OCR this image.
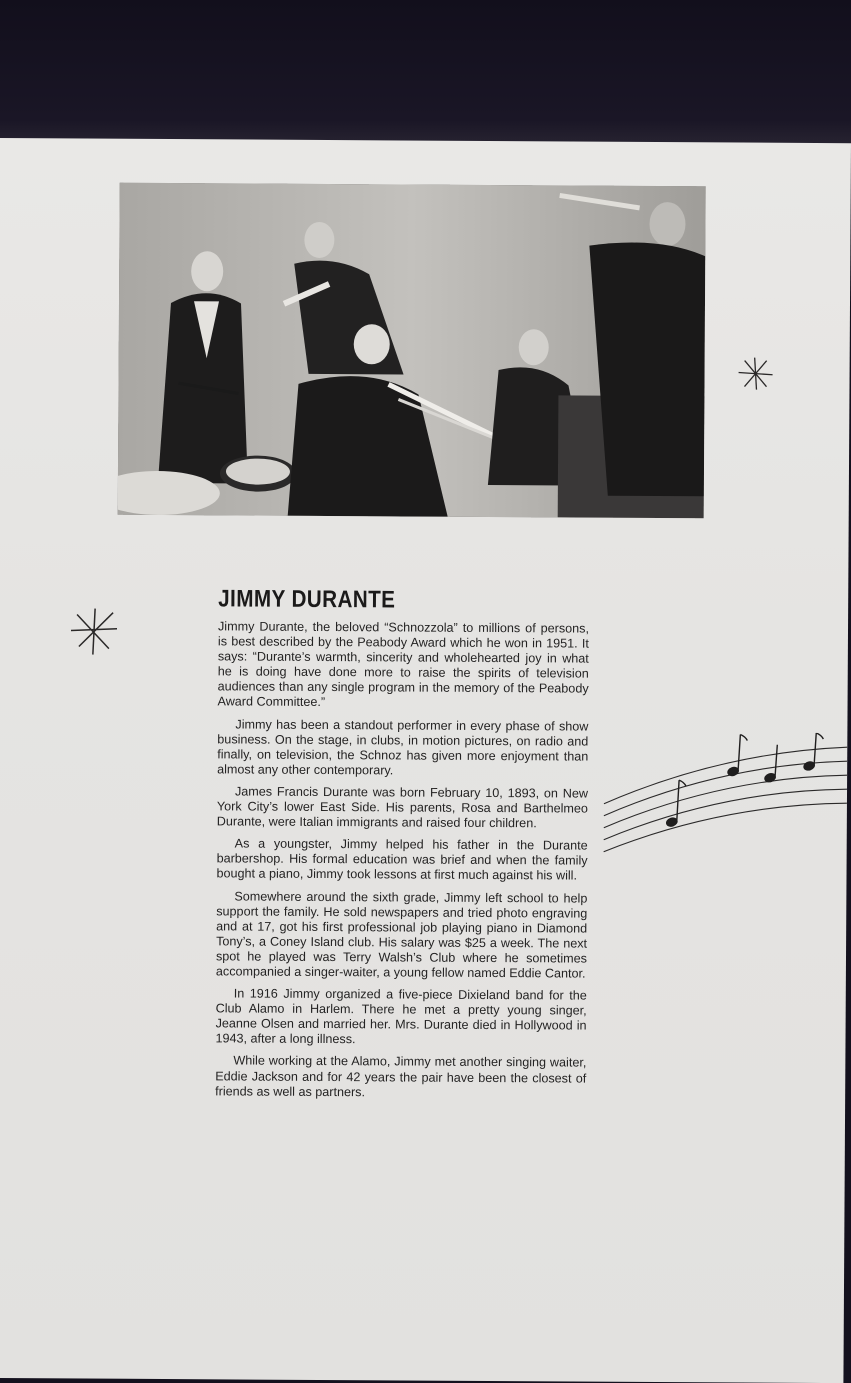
JIMMY DURANTE

Jimmy Durante, the beloved “Schnozzola” to millions of persons, is best described by the Peabody Award which he won in 1951. It says: “Durante’s warmth, sincerity and wholehearted joy in what he is doing have done more to raise the spirits of television audiences than any single program in the memory of the Peabody Award Committee.”

Jimmy has been a standout performer in every phase of show business. On the stage, in clubs, in motion pictures, on radio and finally, on television, the Schnoz has given more enjoyment than almost any other contemporary.

James Francis Durante was born February 10, 1893, on New York City’s lower East Side. His parents, Rosa and Barthelmeo Durante, were Italian immigrants and raised four children.

As a youngster, Jimmy helped his father in the Durante barbershop. His formal education was brief and when the family bought a piano, Jimmy took lessons at first much against his will.

Somewhere around the sixth grade, Jimmy left school to help support the family. He sold newspapers and tried photo engraving and at 17, got his first professional job playing piano in Diamond Tony’s, a Coney Island club. His salary was $25 a week. The next spot he played was Terry Walsh’s Club where he sometimes accompanied a singer-waiter, a young fellow named Eddie Cantor.

In 1916 Jimmy organized a five-piece Dixieland band for the Club Alamo in Harlem. There he met a pretty young singer, Jeanne Olsen and married her. Mrs. Durante died in Hollywood in 1943, after a long illness.

While working at the Alamo, Jimmy met another singing waiter, Eddie Jackson and for 42 years the pair have been the closest of friends as well as partners.
